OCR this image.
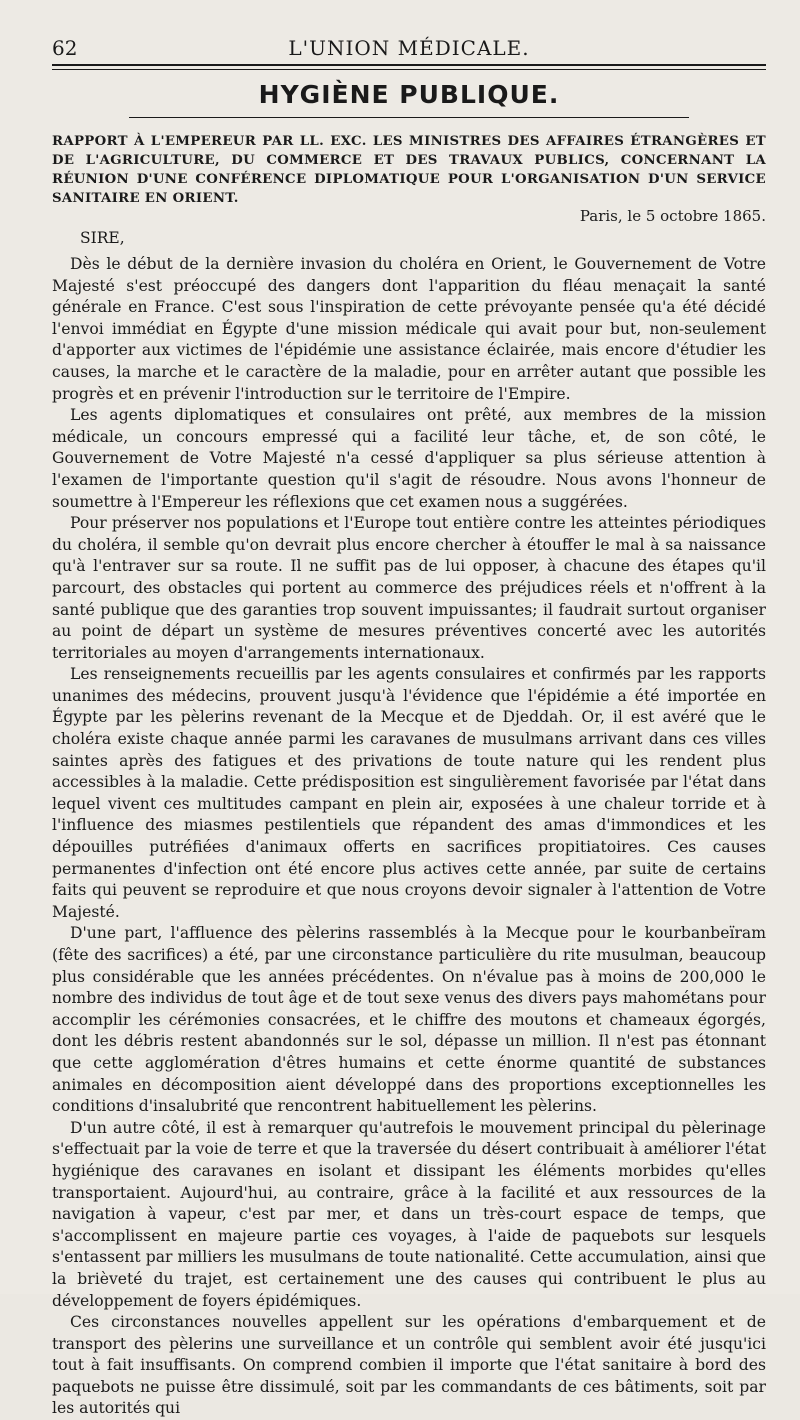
62	L'UNION MÉDICALE.
HYGIÈNE PUBLIQUE.

RAPPORT À L'EMPEREUR PAR LL. EXC. LES MINISTRES DES AFFAIRES ÉTRANGÈRES ET DE L'AGRICULTURE, DU COMMERCE ET DES TRAVAUX PUBLICS, CONCERNANT LA RÉUNION D'UNE CONFÉRENCE DIPLOMATIQUE POUR L'ORGANISATION D'UN SERVICE SANITAIRE EN ORIENT.

Paris, le 5 octobre 1865.
SIRE,

Dès le début de la dernière invasion du choléra en Orient, le Gouvernement de Votre Majesté s'est préoccupé des dangers dont l'apparition du fléau menaçait la santé générale en France. C'est sous l'inspiration de cette prévoyante pensée qu'a été décidé l'envoi immédiat en Égypte d'une mission médicale qui avait pour but, non-seulement d'apporter aux victimes de l'épidémie une assistance éclairée, mais encore d'étudier les causes, la marche et le caractère de la maladie, pour en arrêter autant que possible les progrès et en prévenir l'introduction sur le territoire de l'Empire.

Les agents diplomatiques et consulaires ont prêté, aux membres de la mission médicale, un concours empressé qui a facilité leur tâche, et, de son côté, le Gouvernement de Votre Majesté n'a cessé d'appliquer sa plus sérieuse attention à l'examen de l'importante question qu'il s'agit de résoudre. Nous avons l'honneur de soumettre à l'Empereur les réflexions que cet examen nous a suggérées.

Pour préserver nos populations et l'Europe tout entière contre les atteintes périodiques du choléra, il semble qu'on devrait plus encore chercher à étouffer le mal à sa naissance qu'à l'entraver sur sa route. Il ne suffit pas de lui opposer, à chacune des étapes qu'il parcourt, des obstacles qui portent au commerce des préjudices réels et n'offrent à la santé publique que des garanties trop souvent impuissantes; il faudrait surtout organiser au point de départ un système de mesures préventives concerté avec les autorités territoriales au moyen d'arrangements internationaux.

Les renseignements recueillis par les agents consulaires et confirmés par les rapports unanimes des médecins, prouvent jusqu'à l'évidence que l'épidémie a été importée en Égypte par les pèlerins revenant de la Mecque et de Djeddah. Or, il est avéré que le choléra existe chaque année parmi les caravanes de musulmans arrivant dans ces villes saintes après des fatigues et des privations de toute nature qui les rendent plus accessibles à la maladie. Cette prédisposition est singulièrement favorisée par l'état dans lequel vivent ces multitudes campant en plein air, exposées à une chaleur torride et à l'influence des miasmes pestilentiels que répandent des amas d'immondices et les dépouilles putréfiées d'animaux offerts en sacrifices propitiatoires. Ces causes permanentes d'infection ont été encore plus actives cette année, par suite de certains faits qui peuvent se reproduire et que nous croyons devoir signaler à l'attention de Votre Majesté.

D'une part, l'affluence des pèlerins rassemblés à la Mecque pour le kourbanbeïram (fête des sacrifices) a été, par une circonstance particulière du rite musulman, beaucoup plus considérable que les années précédentes. On n'évalue pas à moins de 200,000 le nombre des individus de tout âge et de tout sexe venus des divers pays mahométans pour accomplir les cérémonies consacrées, et le chiffre des moutons et chameaux égorgés, dont les débris restent abandonnés sur le sol, dépasse un million. Il n'est pas étonnant que cette agglomération d'êtres humains et cette énorme quantité de substances animales en décomposition aient développé dans des proportions exceptionnelles les conditions d'insalubrité que rencontrent habituellement les pèlerins.

D'un autre côté, il est à remarquer qu'autrefois le mouvement principal du pèlerinage s'effectuait par la voie de terre et que la traversée du désert contribuait à améliorer l'état hygiénique des caravanes en isolant et dissipant les éléments morbides qu'elles transportaient. Aujourd'hui, au contraire, grâce à la facilité et aux ressources de la navigation à vapeur, c'est par mer, et dans un très-court espace de temps, que s'accomplissent en majeure partie ces voyages, à l'aide de paquebots sur lesquels s'entassent par milliers les musulmans de toute nationalité. Cette accumulation, ainsi que la brièveté du trajet, est certainement une des causes qui contribuent le plus au développement de foyers épidémiques.

Ces circonstances nouvelles appellent sur les opérations d'embarquement et de transport des pèlerins une surveillance et un contrôle qui semblent avoir été jusqu'ici tout à fait insuffisants. On comprend combien il importe que l'état sanitaire à bord des paquebots ne puisse être dissimulé, soit par les commandants de ces bâtiments, soit par les autorités qui
